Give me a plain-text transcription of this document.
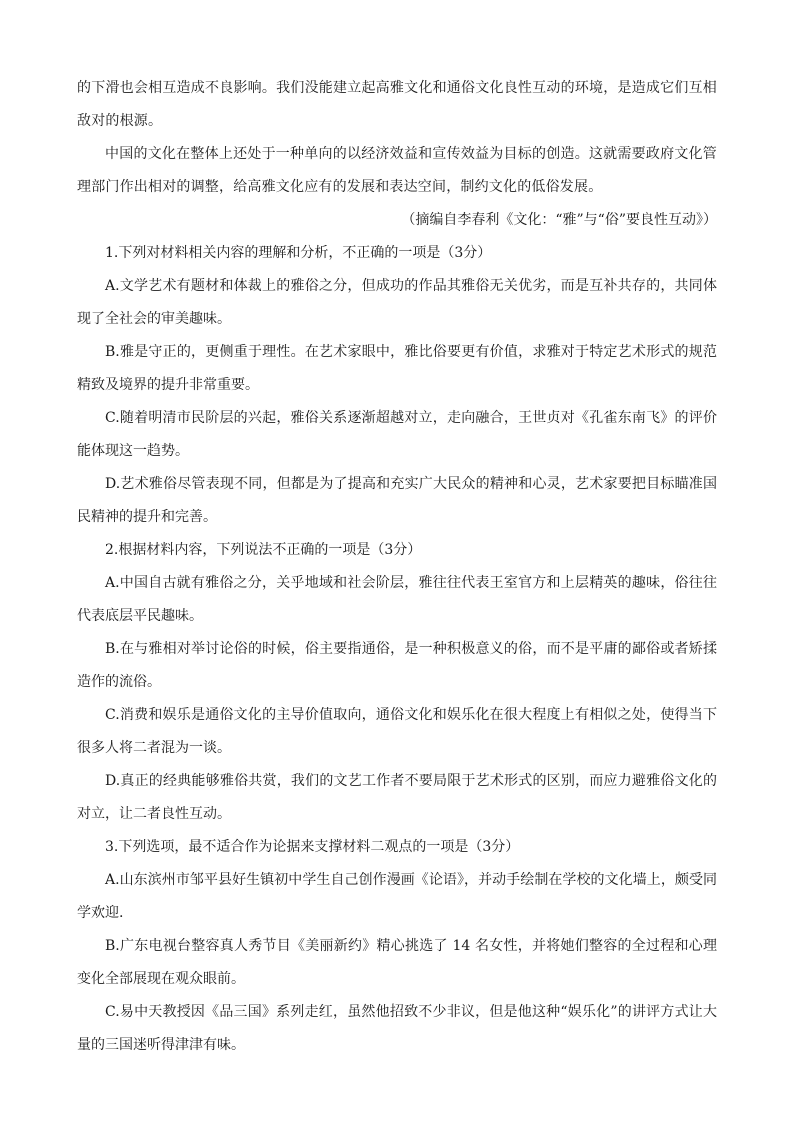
的下滑也会相互造成不良影响。我们没能建立起高雅文化和通俗文化良性互动的环境，是造成它们互相敌对的根源。

中国的文化在整体上还处于一种单向的以经济效益和宣传效益为目标的创造。这就需要政府文化管理部门作出相对的调整，给高雅文化应有的发展和表达空间，制约文化的低俗发展。

（摘编自李春利《文化：“雅”与“俗”要良性互动》）

1.下列对材料相关内容的理解和分析，不正确的一项是（3分）

A.文学艺术有题材和体裁上的雅俗之分，但成功的作品其雅俗无关优劣，而是互补共存的，共同体现了全社会的审美趣味。

B.雅是守正的，更侧重于理性。在艺术家眼中，雅比俗要更有价值，求雅对于特定艺术形式的规范精致及境界的提升非常重要。

C.随着明清市民阶层的兴起，雅俗关系逐渐超越对立，走向融合，王世贞对《孔雀东南飞》的评价能体现这一趋势。

D.艺术雅俗尽管表现不同，但都是为了提高和充实广大民众的精神和心灵，艺术家要把目标瞄准国民精神的提升和完善。

2.根据材料内容，下列说法不正确的一项是（3分）

A.中国自古就有雅俗之分，关乎地域和社会阶层，雅往往代表王室官方和上层精英的趣味，俗往往代表底层平民趣味。

B.在与雅相对举讨论俗的时候，俗主要指通俗，是一种积极意义的俗，而不是平庸的鄙俗或者矫揉造作的流俗。

C.消费和娱乐是通俗文化的主导价值取向，通俗文化和娱乐化在很大程度上有相似之处，使得当下很多人将二者混为一谈。

D.真正的经典能够雅俗共赏，我们的文艺工作者不要局限于艺术形式的区别，而应力避雅俗文化的对立，让二者良性互动。

3.下列选项，最不适合作为论据来支撑材料二观点的一项是（3分）

A.山东滨州市邹平县好生镇初中学生自己创作漫画《论语》，并动手绘制在学校的文化墙上，颇受同学欢迎.

B.广东电视台整容真人秀节目《美丽新约》精心挑选了 14 名女性，并将她们整容的全过程和心理变化全部展现在观众眼前。

C.易中天教授因《品三国》系列走红，虽然他招致不少非议，但是他这种“娱乐化”的讲评方式让大量的三国迷听得津津有味。
